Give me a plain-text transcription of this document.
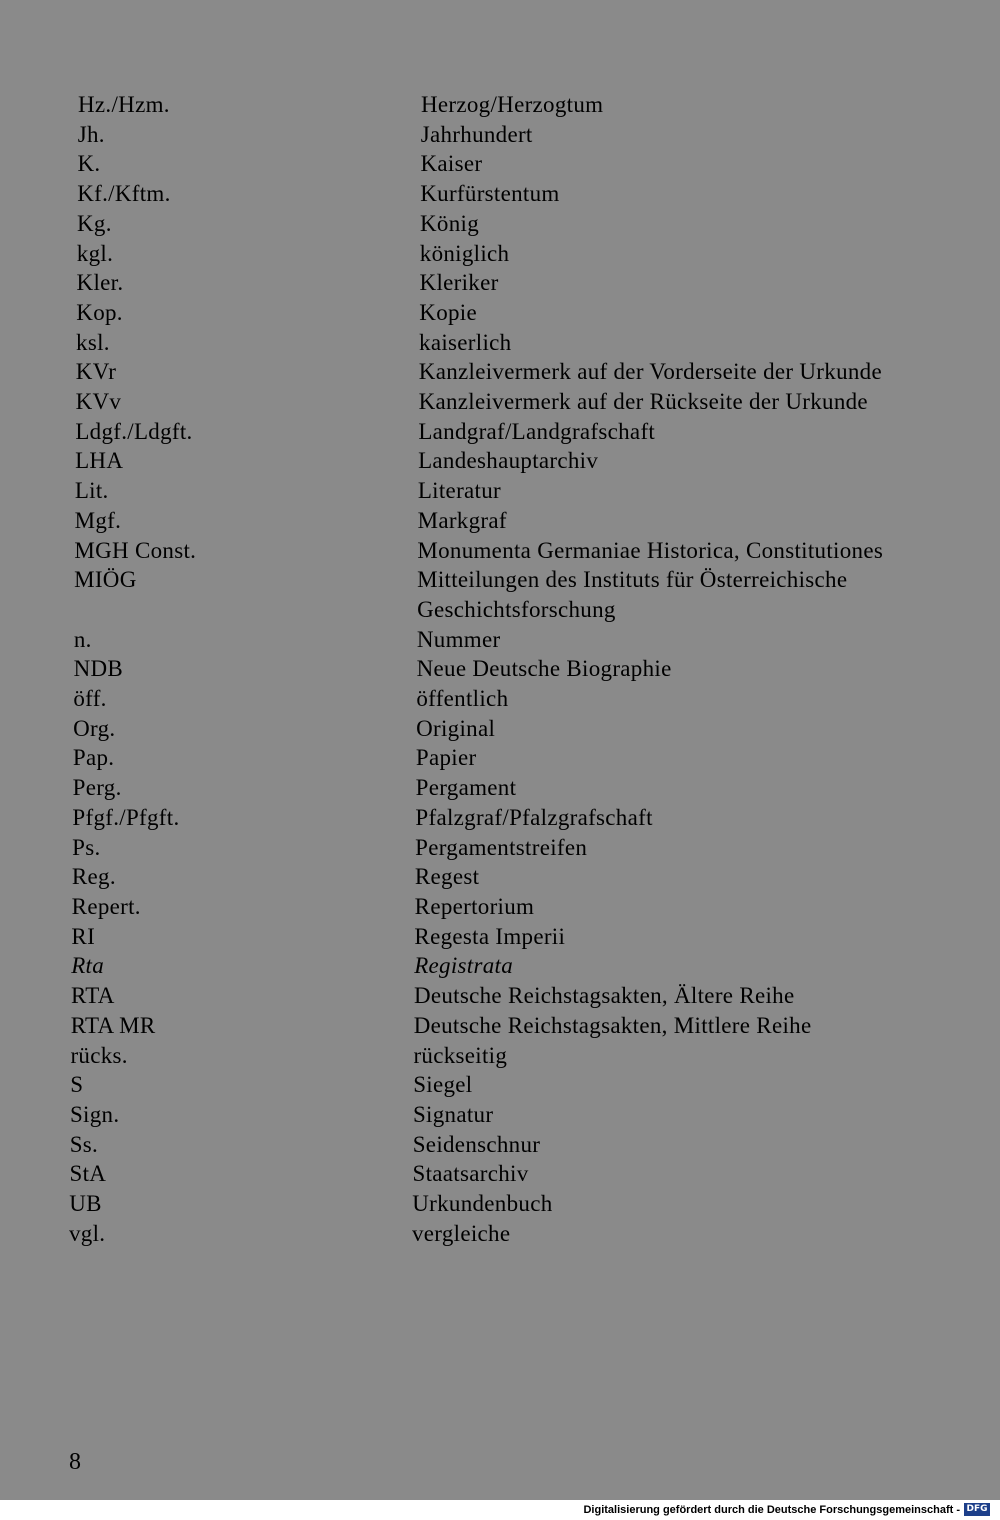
Hz./Hzm.	Herzog/Herzogtum
Jh.	Jahrhundert
K.	Kaiser
Kf./Kftm.	Kurfürstentum
Kg.	König
kgl.	königlich
Kler.	Kleriker
Kop.	Kopie
ksl.	kaiserlich
KVr	Kanzleivermerk auf der Vorderseite der Urkunde
KVv	Kanzleivermerk auf der Rückseite der Urkunde
Ldgf./Ldgft.	Landgraf/Landgrafschaft
LHA	Landeshauptarchiv
Lit.	Literatur
Mgf.	Markgraf
MGH Const.	Monumenta Germaniae Historica, Constitutiones
MIÖG	Mitteilungen des Instituts für Österreichische Geschichtsforschung
n.	Nummer
NDB	Neue Deutsche Biographie
öff.	öffentlich
Org.	Original
Pap.	Papier
Perg.	Pergament
Pfgf./Pfgft.	Pfalzgraf/Pfalzgrafschaft
Ps.	Pergamentstreifen
Reg.	Regest
Repert.	Repertorium
RI	Regesta Imperii
Rta	Registrata
RTA	Deutsche Reichstagsakten, Ältere Reihe
RTA MR	Deutsche Reichstagsakten, Mittlere Reihe
rücks.	rückseitig
S	Siegel
Sign.	Signatur
Ss.	Seidenschnur
StA	Staatsarchiv
UB	Urkundenbuch
vgl.	vergleiche
8
Digitalisierung gefördert durch die Deutsche Forschungsgemeinschaft - DFG
